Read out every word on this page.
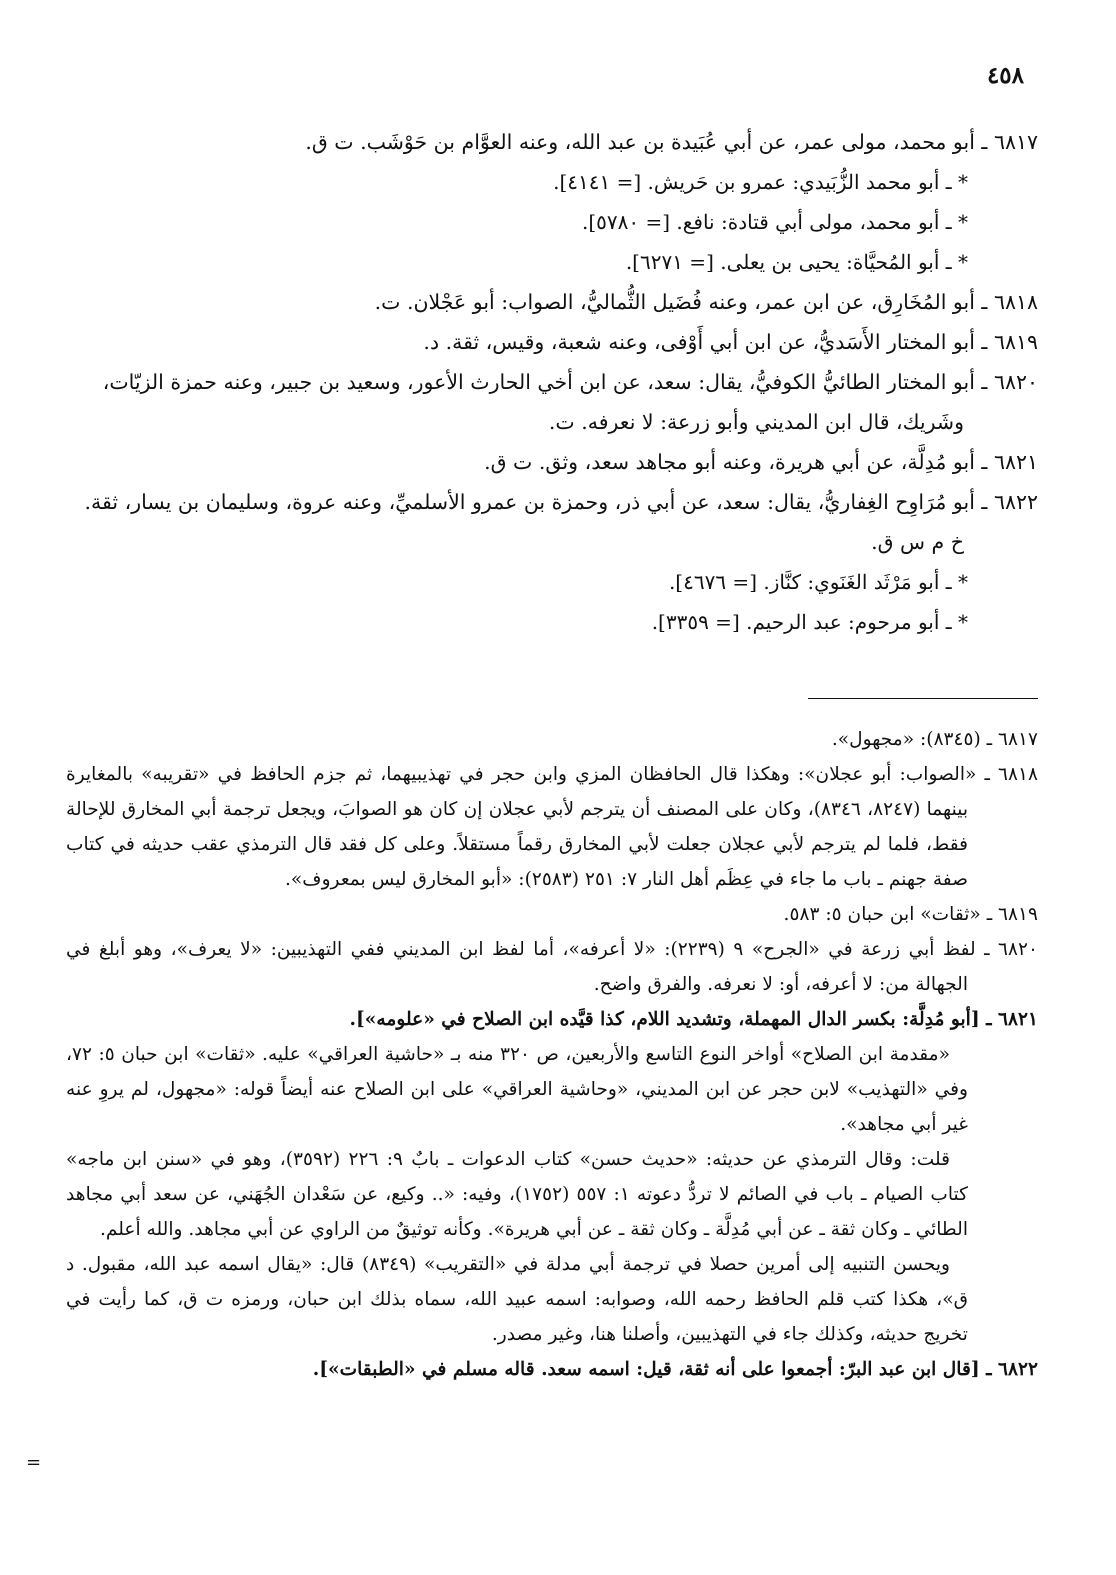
٤٥٨

٦٨١٧ ـ أبو محمد، مولى عمر، عن أبي عُبَيدة بن عبد الله، وعنه العوَّام بن حَوْشَب. ت ق.

* ـ أبو محمد الزُّبَيدي: عمرو بن حَريش. [= ٤١٤١].

* ـ أبو محمد، مولى أبي قتادة: نافع. [= ٥٧٨٠].

* ـ أبو المُحيَّاة: يحيى بن يعلى. [= ٦٢٧١].

٦٨١٨ ـ أبو المُخَارِق، عن ابن عمر، وعنه فُضَيل الثُّماليُّ، الصواب: أبو عَجْلان. ت.

٦٨١٩ ـ أبو المختار الأَسَديُّ، عن ابن أبي أَوْفى، وعنه شعبة، وقيس، ثقة. د.

٦٨٢٠ ـ أبو المختار الطائيُّ الكوفيُّ، يقال: سعد، عن ابن أخي الحارث الأعور، وسعيد بن جبير، وعنه حمزة الزيّات، وشَريك، قال ابن المديني وأبو زرعة: لا نعرفه. ت.

٦٨٢١ ـ أبو مُدِلَّة، عن أبي هريرة، وعنه أبو مجاهد سعد، وثق. ت ق.

٦٨٢٢ ـ أبو مُرَاوِح الغِفاريُّ، يقال: سعد، عن أبي ذر، وحمزة بن عمرو الأسلميِّ، وعنه عروة، وسليمان بن يسار، ثقة. خ م س ق.

* ـ أبو مَرْثَد الغَنَوي: كنَّاز. [= ٤٦٧٦].

* ـ أبو مرحوم: عبد الرحيم. [= ٣٣٥٩].

٦٨١٧ ـ (٨٣٤٥): «مجهول».

٦٨١٨ ـ «الصواب: أبو عجلان»: وهكذا قال الحافظان المزي وابن حجر في تهذيبيهما، ثم جزم الحافظ في «تقريبه» بالمغايرة بينهما (٨٢٤٧، ٨٣٤٦)، وكان على المصنف أن يترجم لأبي عجلان إن كان هو الصوابَ، ويجعل ترجمة أبي المخارق للإحالة فقط، فلما لم يترجم لأبي عجلان جعلت لأبي المخارق رقماً مستقلاً. وعلى كل فقد قال الترمذي عقب حديثه في كتاب صفة جهنم ـ باب ما جاء في عِظَم أهل النار ٧: ٢٥١ (٢٥٨٣): «أبو المخارق ليس بمعروف».

٦٨١٩ ـ «ثقات» ابن حبان ٥: ٥٨٣.

٦٨٢٠ ـ لفظ أبي زرعة في «الجرح» ٩ (٢٢٣٩): «لا أعرفه»، أما لفظ ابن المديني ففي التهذيبين: «لا يعرف»، وهو أبلغ في الجهالة من: لا أعرفه، أو: لا نعرفه. والفرق واضح.

٦٨٢١ ـ [أبو مُدِلَّة: بكسر الدال المهملة، وتشديد اللام، كذا قيَّده ابن الصلاح في «علومه»].

«مقدمة ابن الصلاح» أواخر النوع التاسع والأربعين، ص ٣٢٠ منه بـ «حاشية العراقي» عليه. «ثقات» ابن حبان ٥: ٧٢، وفي «التهذيب» لابن حجر عن ابن المديني، «وحاشية العراقي» على ابن الصلاح عنه أيضاً قوله: «مجهول، لم يروِ عنه غير أبي مجاهد».

قلت: وقال الترمذي عن حديثه: «حديث حسن» كتاب الدعوات ـ بابٌ ٩: ٢٢٦ (٣٥٩٢)، وهو في «سنن ابن ماجه» كتاب الصيام ـ باب في الصائم لا تردُّ دعوته ١: ٥٥٧ (١٧٥٢)، وفيه: «.. وكيع، عن سَعْدان الجُهَني، عن سعد أبي مجاهد الطائي ـ وكان ثقة ـ عن أبي مُدِلَّة ـ وكان ثقة ـ عن أبي هريرة». وكأنه توثيقٌ من الراوي عن أبي مجاهد. والله أعلم.

ويحسن التنبيه إلى أمرين حصلا في ترجمة أبي مدلة في «التقريب» (٨٣٤٩) قال: «يقال اسمه عبد الله، مقبول. د ق»، هكذا كتب قلم الحافظ رحمه الله، وصوابه: اسمه عبيد الله، سماه بذلك ابن حبان، ورمزه ت ق، كما رأيت في تخريج حديثه، وكذلك جاء في التهذيبين، وأصلنا هنا، وغير مصدر.

٦٨٢٢ ـ [قال ابن عبد البرّ: أجمعوا على أنه ثقة، قيل: اسمه سعد. قاله مسلم في «الطبقات»].

=
